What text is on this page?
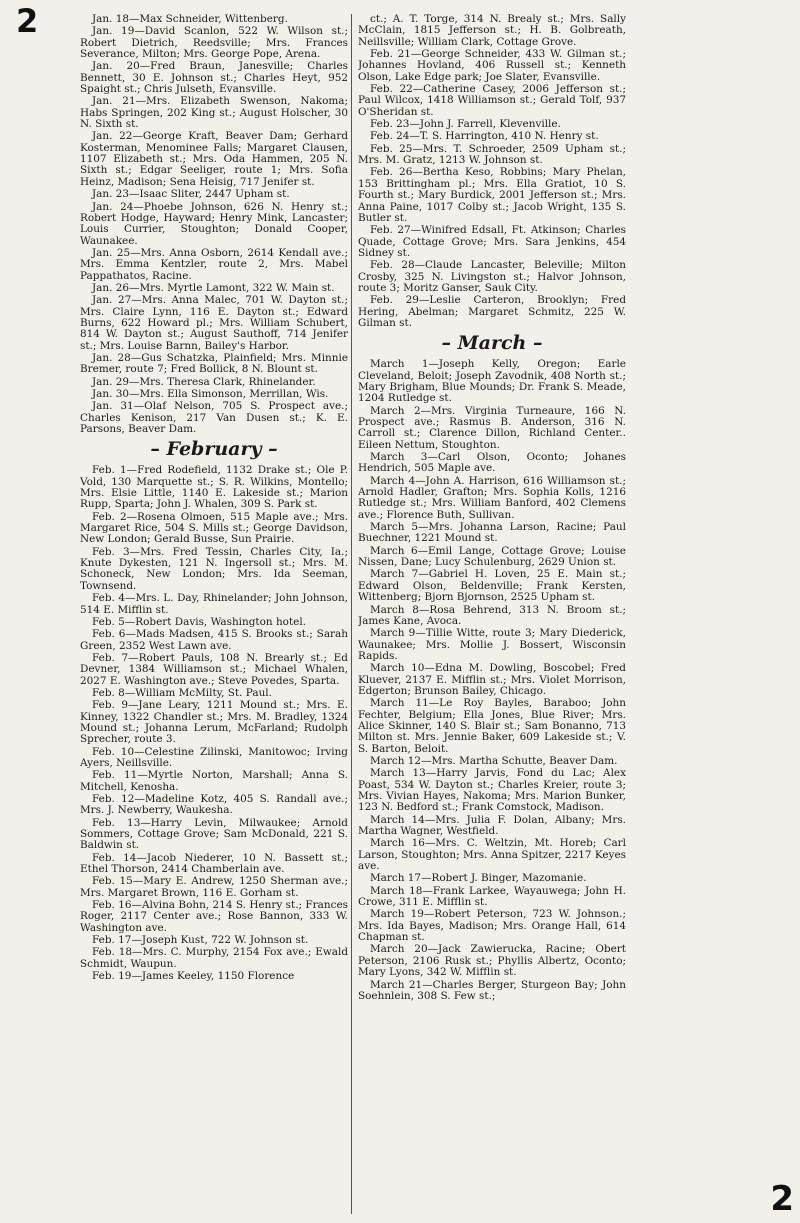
2	Jan. 18—Max Schneider, Wittenberg.

Jan. 19—David Scanlon, 522 W. Wilson st.; Robert Dietrich, Reedsville; Mrs. Frances Severance, Milton; Mrs. George Pope, Arena.

Jan. 20—Fred Braun, Janesville; Charles Bennett, 30 E. Johnson st.; Charles Heyt, 952 Spaight st.; Chris Julseth, Evansville.

Jan. 21—Mrs. Elizabeth Swenson, Nakoma; Habs Springen, 202 King st.; August Holscher, 30 N. Sixth st.

Jan. 22—George Kraft, Beaver Dam; Gerhard Kosterman, Menominee Falls; Margaret Clausen, 1107 Elizabeth st.; Mrs. Oda Hammen, 205 N. Sixth st.; Edgar Seeliger, route 1; Mrs. Sofia Heinz, Madison; Sena Heisig, 717 Jenifer st.

Jan. 23—Isaac Sliter, 2447 Upham st.

Jan. 24—Phoebe Johnson, 626 N. Henry st.; Robert Hodge, Hayward; Henry Mink, Lancaster; Louis Currier, Stoughton; Donald Cooper, Waunakee.

Jan. 25—Mrs. Anna Osborn, 2614 Kendall ave.; Mrs. Emma Kentzler, route 2, Mrs. Mabel Pappathatos, Racine.

Jan. 26—Mrs. Myrtle Lamont, 322 W. Main st.

Jan. 27—Mrs. Anna Malec, 701 W. Dayton st.; Mrs. Claire Lynn, 116 E. Dayton st.; Edward Burns, 622 Howard pl.; Mrs. William Schubert, 814 W. Dayton st.; August Sauthoff, 714 Jenifer st.; Mrs. Louise Barnn, Bailey's Harbor.

Jan. 28—Gus Schatzka, Plainfield; Mrs. Minnie Bremer, route 7; Fred Bollick, 8 N. Blount st.

Jan. 29—Mrs. Theresa Clark, Rhinelander.

Jan. 30—Mrs. Ella Simonson, Merrillan, Wis.

Jan. 31—Olaf Nelson, 705 S. Prospect ave.; Charles Kenison, 217 Van Dusen st.; K. E. Parsons, Beaver Dam.

– February –

Feb. 1—Fred Rodefield, 1132 Drake st.; Ole P. Vold, 130 Marquette st.; S. R. Wilkins, Montello; Mrs. Elsie Little, 1140 E. Lakeside st.; Marion Rupp, Sparta; John J. Whalen, 309 S. Park st.

Feb. 2—Rosena Olmoen, 515 Maple ave.; Mrs. Margaret Rice, 504 S. Mills st.; George Davidson, New London; Gerald Busse, Sun Prairie.

Feb. 3—Mrs. Fred Tessin, Charles City, Ia.; Knute Dykesten, 121 N. Ingersoll st.; Mrs. M. Schoneck, New London; Mrs. Ida Seeman, Townsend.

Feb. 4—Mrs. L. Day, Rhinelander; John Johnson, 514 E. Mifflin st.

Feb. 5—Robert Davis, Washington hotel.

Feb. 6—Mads Madsen, 415 S. Brooks st.; Sarah Green, 2352 West Lawn ave.

Feb. 7—Robert Pauls, 108 N. Brearly st.; Ed Devner, 1384 Williamson st.; Michael Whalen, 2027 E. Washington ave.; Steve Povedes, Sparta.

Feb. 8—William McMilty, St. Paul.

Feb. 9—Jane Leary, 1211 Mound st.; Mrs. E. Kinney, 1322 Chandler st.; Mrs. M. Bradley, 1324 Mound st.; Johanna Lerum, McFarland; Rudolph Sprecher, route 3.

Feb. 10—Celestine Zilinski, Manitowoc; Irving Ayers, Neillsville.

Feb. 11—Myrtle Norton, Marshall; Anna S. Mitchell, Kenosha.

Feb. 12—Madeline Kotz, 405 S. Randall ave.; Mrs. J. Newberry, Waukesha.

Feb. 13—Harry Levin, Milwaukee; Arnold Sommers, Cottage Grove; Sam McDonald, 221 S. Baldwin st.

Feb. 14—Jacob Niederer, 10 N. Bassett st.; Ethel Thorson, 2414 Chamberlain ave.

Feb. 15—Mary E. Andrew, 1250 Sherman ave.; Mrs. Margaret Brown, 116 E. Gorham st.

Feb. 16—Alvina Bohn, 214 S. Henry st.; Frances Roger, 2117 Center ave.; Rose Bannon, 333 W. Washington ave.

Feb. 17—Joseph Kust, 722 W. Johnson st.

Feb. 18—Mrs. C. Murphy, 2154 Fox ave.; Ewald Schmidt, Waupun.

Feb. 19—James Keeley, 1150 Florence

ct.; A. T. Torge, 314 N. Brealy st.; Mrs. Sally McClain, 1815 Jefferson st.; H. B. Golbreath, Neillsville; William Clark, Cottage Grove.

Feb. 21—George Schneider, 433 W. Gilman st.; Johannes Hovland, 406 Russell st.; Kenneth Olson, Lake Edge park; Joe Slater, Evansville.

Feb. 22—Catherine Casey, 2006 Jefferson st.; Paul Wilcox, 1418 Williamson st.; Gerald Tolf, 937 O'Sheridan st.

Feb. 23—John J. Farrell, Klevenville.

Feb. 24—T. S. Harrington, 410 N. Henry st.

Feb. 25—Mrs. T. Schroeder, 2509 Upham st.; Mrs. M. Gratz, 1213 W. Johnson st.

Feb. 26—Bertha Keso, Robbins; Mary Phelan, 153 Brittingham pl.; Mrs. Ella Gratiot, 10 S. Fourth st.; Mary Burdick, 2001 Jefferson st.; Mrs. Anna Paine, 1017 Colby st.; Jacob Wright, 135 S. Butler st.

Feb. 27—Winifred Edsall, Ft. Atkinson; Charles Quade, Cottage Grove; Mrs. Sara Jenkins, 454 Sidney st.

Feb. 28—Claude Lancaster, Beleville; Milton Crosby, 325 N. Livingston st.; Halvor Johnson, route 3; Moritz Ganser, Sauk City.

Feb. 29—Leslie Carteron, Brooklyn; Fred Hering, Abelman; Margaret Schmitz, 225 W. Gilman st.

– March –

March 1—Joseph Kelly, Oregon; Earle Cleveland, Beloit; Joseph Zavodnik, 408 North st.; Mary Brigham, Blue Mounds; Dr. Frank S. Meade, 1204 Rutledge st.

March 2—Mrs. Virginia Turneaure, 166 N. Prospect ave.; Rasmus B. Anderson, 316 N. Carroll st.; Clarence Dillon, Richland Center.. Eileen Nettum, Stoughton.

March 3—Carl Olson, Oconto; Johanes Hendrich, 505 Maple ave.

March 4—John A. Harrison, 616 Williamson st.; Arnold Hadler, Grafton; Mrs. Sophia Kolls, 1216 Rutledge st.; Mrs. William Banford, 402 Clemens ave.; Florence Buth, Sullivan.

March 5—Mrs. Johanna Larson, Racine; Paul Buechner, 1221 Mound st.

March 6—Emil Lange, Cottage Grove; Louise Nissen, Dane; Lucy Schulenburg, 2629 Union st.

March 7—Gabriel H. Loven, 25 E. Main st.; Edward Olson, Beldenville; Frank Kersten, Wittenberg; Bjorn Bjornson, 2525 Upham st.

March 8—Rosa Behrend, 313 N. Broom st.; James Kane, Avoca.

March 9—Tillie Witte, route 3; Mary Diederick, Waunakee; Mrs. Mollie J. Bossert, Wisconsin Rapids.

March 10—Edna M. Dowling, Boscobel; Fred Kluever, 2137 E. Mifflin st.; Mrs. Violet Morrison, Edgerton; Brunson Bailey, Chicago.

March 11—Le Roy Bayles, Baraboo; John Fechter, Belgium; Ella Jones, Blue River; Mrs. Alice Skinner, 140 S. Blair st.; Sam Bonanno, 713 Milton st. Mrs. Jennie Baker, 609 Lakeside st.; V. S. Barton, Beloit.

March 12—Mrs. Martha Schutte, Beaver Dam.

March 13—Harry Jarvis, Fond du Lac; Alex Poast, 534 W. Dayton st.; Charles Kreier, route 3; Mrs. Vivian Hayes, Nakoma; Mrs. Marion Bunker, 123 N. Bedford st.; Frank Comstock, Madison.

March 14—Mrs. Julia F. Dolan, Albany; Mrs. Martha Wagner, Westfield.

March 16—Mrs. C. Weltzin, Mt. Horeb; Carl Larson, Stoughton; Mrs. Anna Spitzer, 2217 Keyes ave.

March 17—Robert J. Binger, Mazomanie.

March 18—Frank Larkee, Wayauwega; John H. Crowe, 311 E. Mifflin st.

March 19—Robert Peterson, 723 W. Johnson.; Mrs. Ida Bayes, Madison; Mrs. Orange Hall, 614 Chapman st.

March 20—Jack Zawierucka, Racine; Obert Peterson, 2106 Rusk st.; Phyllis Albertz, Oconto; Mary Lyons, 342 W. Mifflin st.

March 21—Charles Berger, Sturgeon Bay; John Soehnlein, 308 S. Few st.;

2
